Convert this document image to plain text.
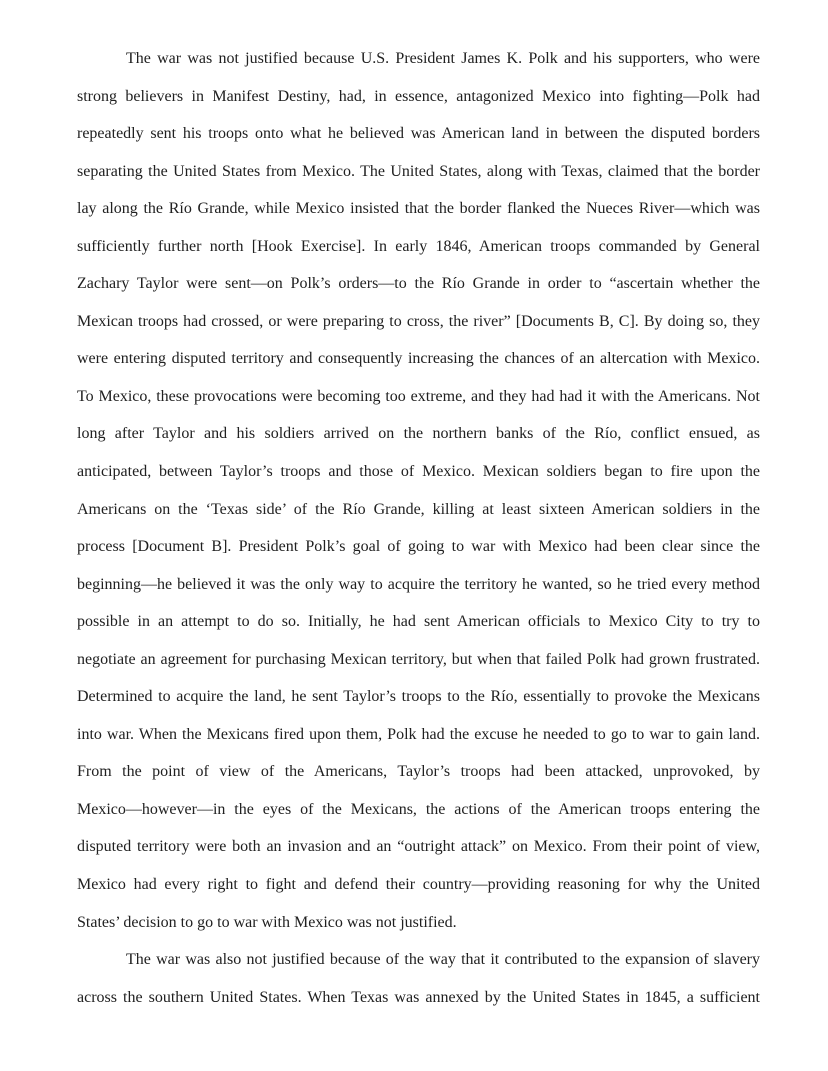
The war was not justified because U.S. President James K. Polk and his supporters, who were
strong believers in Manifest Destiny, had, in essence, antagonized Mexico into fighting—Polk had
repeatedly sent his troops onto what he believed was American land in between the disputed borders
separating the United States from Mexico. The United States, along with Texas, claimed that the border
lay along the Río Grande, while Mexico insisted that the border flanked the Nueces River—which was
sufficiently further north [Hook Exercise]. In early 1846, American troops commanded by General
Zachary Taylor were sent—on Polk’s orders—to the Río Grande in order to “ascertain whether the
Mexican troops had crossed, or were preparing to cross, the river” [Documents B, C]. By doing so, they
were entering disputed territory and consequently increasing the chances of an altercation with Mexico.
To Mexico, these provocations were becoming too extreme, and they had had it with the Americans. Not
long after Taylor and his soldiers arrived on the northern banks of the Río, conflict ensued, as
anticipated, between Taylor’s troops and those of Mexico. Mexican soldiers began to fire upon the
Americans on the ‘Texas side’ of the Río Grande, killing at least sixteen American soldiers in the
process [Document B]. President Polk’s goal of going to war with Mexico had been clear since the
beginning—he believed it was the only way to acquire the territory he wanted, so he tried every method
possible in an attempt to do so. Initially, he had sent American officials to Mexico City to try to
negotiate an agreement for purchasing Mexican territory, but when that failed Polk had grown frustrated.
Determined to acquire the land, he sent Taylor’s troops to the Río, essentially to provoke the Mexicans
into war. When the Mexicans fired upon them, Polk had the excuse he needed to go to war to gain land.
From the point of view of the Americans, Taylor’s troops had been attacked, unprovoked, by
Mexico—however—in the eyes of the Mexicans, the actions of the American troops entering the
disputed territory were both an invasion and an “outright attack” on Mexico. From their point of view,
Mexico had every right to fight and defend their country—providing reasoning for why the United
States’ decision to go to war with Mexico was not justified.
The war was also not justified because of the way that it contributed to the expansion of slavery
across the southern United States. When Texas was annexed by the United States in 1845, a sufficient
